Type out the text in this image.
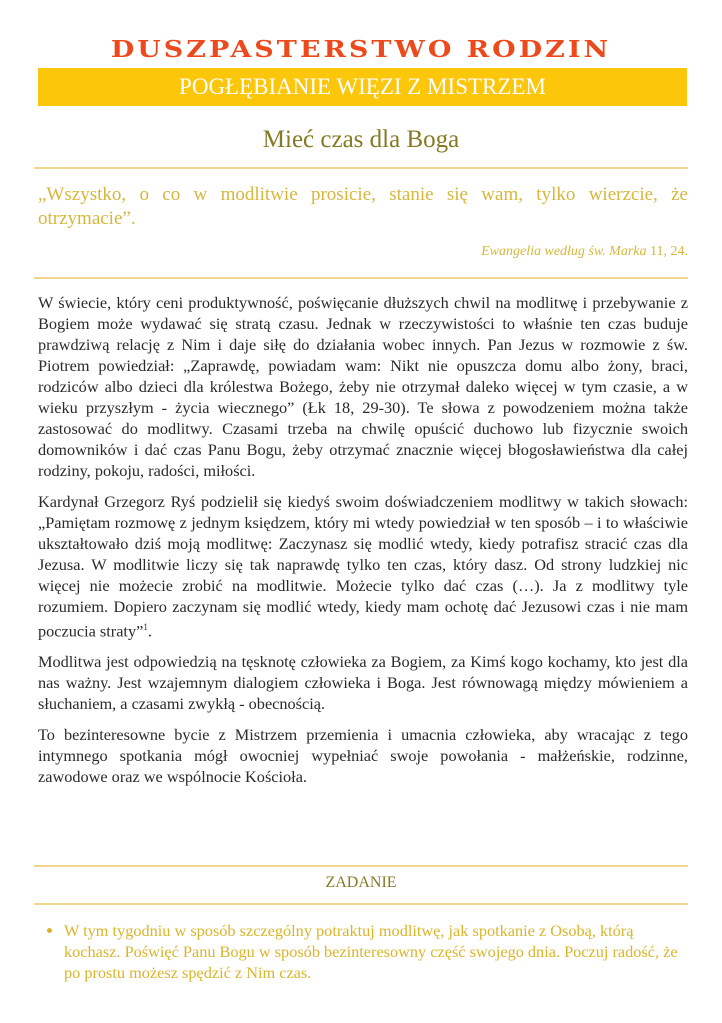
DUSZPASTERSTWO RODZIN
POGŁĘBIANIE WIĘZI Z MISTRZEM
Mieć czas dla Boga
„Wszystko, o co w modlitwie prosicie, stanie się wam, tylko wierzcie, że otrzymacie”.
Ewangelia według św. Marka 11, 24.

W świecie, który ceni produktywność, poświęcanie dłuższych chwil na modlitwę i przebywanie z Bogiem może wydawać się stratą czasu. Jednak w rzeczywistości to właśnie ten czas buduje prawdziwą relację z Nim i daje siłę do działania wobec innych. Pan Jezus w rozmowie z św. Piotrem powiedział: „Zaprawdę, powiadam wam: Nikt nie opuszcza domu albo żony, braci, rodziców albo dzieci dla królestwa Bożego, żeby nie otrzymał daleko więcej w tym czasie, a w wieku przyszłym - życia wiecznego” (Łk 18, 29-30). Te słowa z powodzeniem można także zastosować do modlitwy. Czasami trzeba na chwilę opuścić duchowo lub fizycznie swoich domowników i dać czas Panu Bogu, żeby otrzymać znacznie więcej błogosławieństwa dla całej rodziny, pokoju, radości, miłości.

Kardynał Grzegorz Ryś podzielił się kiedyś swoim doświadczeniem modlitwy w takich słowach: „Pamiętam rozmowę z jednym księdzem, który mi wtedy powiedział w ten sposób – i to właściwie ukształtowało dziś moją modlitwę: Zaczynasz się modlić wtedy, kiedy potrafisz stracić czas dla Jezusa. W modlitwie liczy się tak naprawdę tylko ten czas, który dasz. Od strony ludzkiej nic więcej nie możecie zrobić na modlitwie. Możecie tylko dać czas (…). Ja z modlitwy tyle rozumiem. Dopiero zaczynam się modlić wtedy, kiedy mam ochotę dać Jezusowi czas i nie mam poczucia straty”$^1$.

Modlitwa jest odpowiedzią na tęsknotę człowieka za Bogiem, za Kimś kogo kochamy, kto jest dla nas ważny. Jest wzajemnym dialogiem człowieka i Boga. Jest równowagą między mówieniem a słuchaniem, a czasami zwykłą - obecnością.

To bezinteresowne bycie z Mistrzem przemienia i umacnia człowieka, aby wracając z tego intymnego spotkania mógł owocniej wypełniać swoje powołania - małżeńskie, rodzinne, zawodowe oraz we wspólnocie Kościoła.

ZADANIE
• W tym tygodniu w sposób szczególny potraktuj modlitwę, jak spotkanie z Osobą, którą kochasz. Poświęć Panu Bogu w sposób bezinteresowny część swojego dnia. Poczuj radość, że po prostu możesz spędzić z Nim czas.
